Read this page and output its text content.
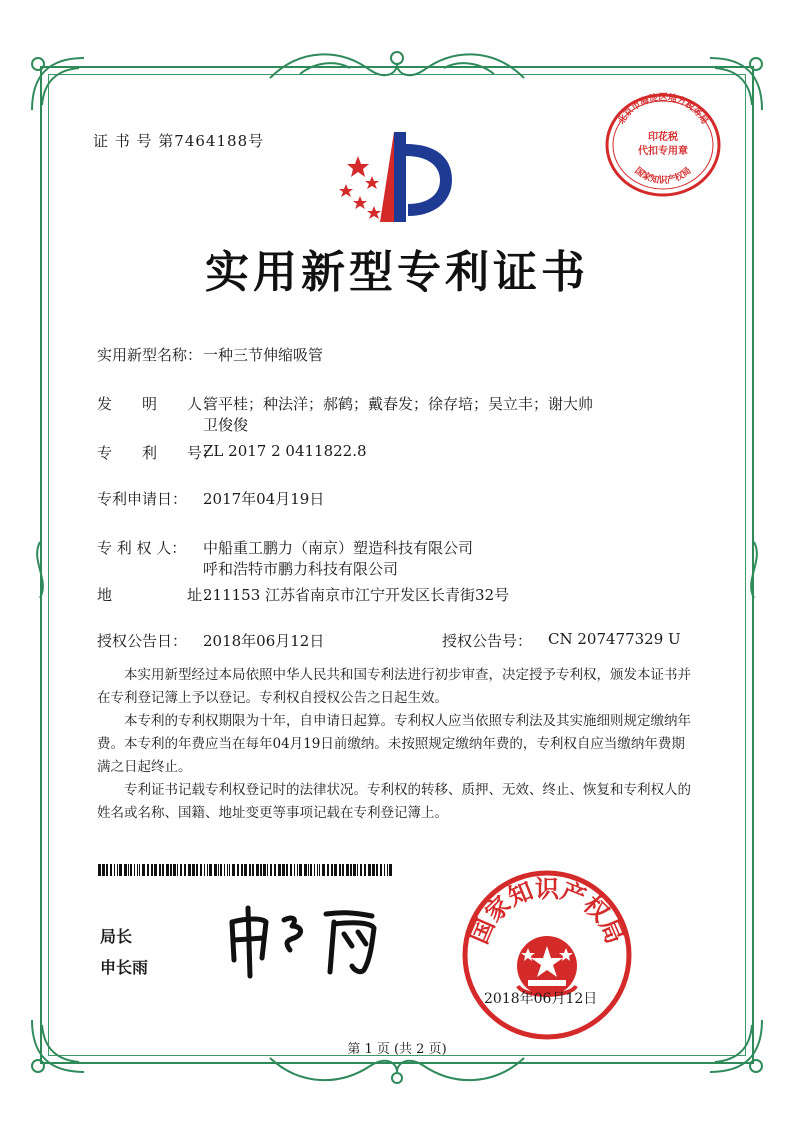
证 书 号 第7464188号
北京市海淀区地方税务局
印花税
代扣专用章
国家知识产权局
实用新型专利证书
实用新型名称： 一种三节伸缩吸管
发　　明　　人：
管平桂；种法洋；郝鹤；戴春发；徐存培；吴立丰；谢大帅
卫俊俊
专　　利　　号：
ZL 2017 2 0411822.8
专利申请日： 2017年04月19日
专 利 权 人： 中船重工鹏力（南京）塑造科技有限公司
呼和浩特市鹏力科技有限公司
地　　　　　址：
211153 江苏省南京市江宁开发区长青街32号
授权公告日： 2018年06月12日	授权公告号： CN 207477329 U

本实用新型经过本局依照中华人民共和国专利法进行初步审查，决定授予专利权，颁发本证书并在专利登记簿上予以登记。专利权自授权公告之日起生效。

本专利的专利权期限为十年，自申请日起算。专利权人应当依照专利法及其实施细则规定缴纳年费。本专利的年费应当在每年04月19日前缴纳。未按照规定缴纳年费的，专利权自应当缴纳年费期满之日起终止。

专利证书记载专利权登记时的法律状况。专利权的转移、质押、无效、终止、恢复和专利权人的姓名或名称、国籍、地址变更等事项记载在专利登记簿上。

局长
申长雨
国家知识产权局
2018年06月12日
第 1 页 (共 2 页)
